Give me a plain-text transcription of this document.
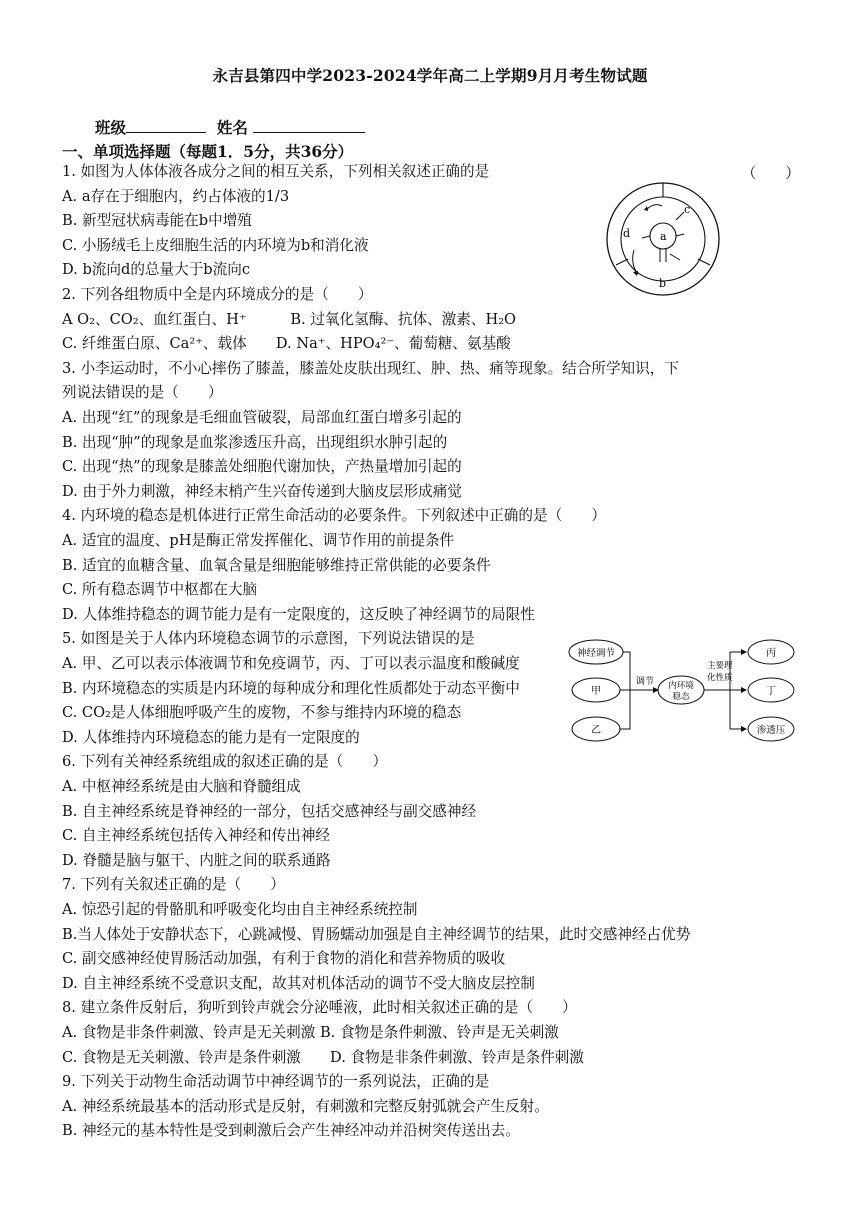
永吉县第四中学2023-2024学年高二上学期9月月考生物试题
班级	姓名
一、单项选择题（每题1．5分，共36分）
（　　）
1. 如图为人体体液各成分之间的相互关系，下列相关叙述正确的是
A. a存在于细胞内，约占体液的1/3
B. 新型冠状病毒能在b中增殖
C. 小肠绒毛上皮细胞生活的内环境为b和消化液
D. b流向d的总量大于b流向c
2. 下列各组物质中全是内环境成分的是（　　）
A O₂、CO₂、血红蛋白、H⁺　　　B. 过氧化氢酶、抗体、激素、H₂O
C. 纤维蛋白原、Ca²⁺、载体　　D. Na⁺、HPO₄²⁻、葡萄糖、氨基酸
3. 小李运动时，不小心摔伤了膝盖，膝盖处皮肤出现红、肿、热、痛等现象。结合所学知识，下
列说法错误的是（　　）
A. 出现“红”的现象是毛细血管破裂，局部血红蛋白增多引起的
B. 出现“肿”的现象是血浆渗透压升高，出现组织水肿引起的
C. 出现“热”的现象是膝盖处细胞代谢加快，产热量增加引起的
D. 由于外力刺激，神经末梢产生兴奋传递到大脑皮层形成痛觉
4. 内环境的稳态是机体进行正常生命活动的必要条件。下列叙述中正确的是（　　）
A. 适宜的温度、pH是酶正常发挥催化、调节作用的前提条件
B. 适宜的血糖含量、血氧含量是细胞能够维持正常供能的必要条件
C. 所有稳态调节中枢都在大脑
D. 人体维持稳态的调节能力是有一定限度的，这反映了神经调节的局限性
5. 如图是关于人体内环境稳态调节的示意图，下列说法错误的是
A. 甲、乙可以表示体液调节和免疫调节，丙、丁可以表示温度和酸碱度
B. 内环境稳态的实质是内环境的每种成分和理化性质都处于动态平衡中
C. CO₂是人体细胞呼吸产生的废物，不参与维持内环境的稳态
D. 人体维持内环境稳态的能力是有一定限度的
6. 下列有关神经系统组成的叙述正确的是（　　）
A. 中枢神经系统是由大脑和脊髓组成
B. 自主神经系统是脊神经的一部分，包括交感神经与副交感神经
C. 自主神经系统包括传入神经和传出神经
D. 脊髓是脑与躯干、内脏之间的联系通路
7. 下列有关叙述正确的是（　　）
A. 惊恐引起的骨骼肌和呼吸变化均由自主神经系统控制
B.当人体处于安静状态下，心跳减慢、胃肠蠕动加强是自主神经调节的结果，此时交感神经占优势
C. 副交感神经使胃肠活动加强，有利于食物的消化和营养物质的吸收
D. 自主神经系统不受意识支配，故其对机体活动的调节不受大脑皮层控制
8. 建立条件反射后，狗听到铃声就会分泌唾液，此时相关叙述正确的是（　　）
A. 食物是非条件刺激、铃声是无关刺激 B. 食物是条件刺激、铃声是无关刺激
C. 食物是无关刺激、铃声是条件刺激　　D. 食物是非条件刺激、铃声是条件刺激
9. 下列关于动物生命活动调节中神经调节的一系列说法，正确的是
A. 神经系统最基本的活动形式是反射，有刺激和完整反射弧就会产生反射。
B. 神经元的基本特性是受到刺激后会产生神经冲动并沿树突传送出去。
a
b
c
d
神经调节
甲
乙
调节 内环境
稳态
主要理
化性质
丙
丁
渗透压
